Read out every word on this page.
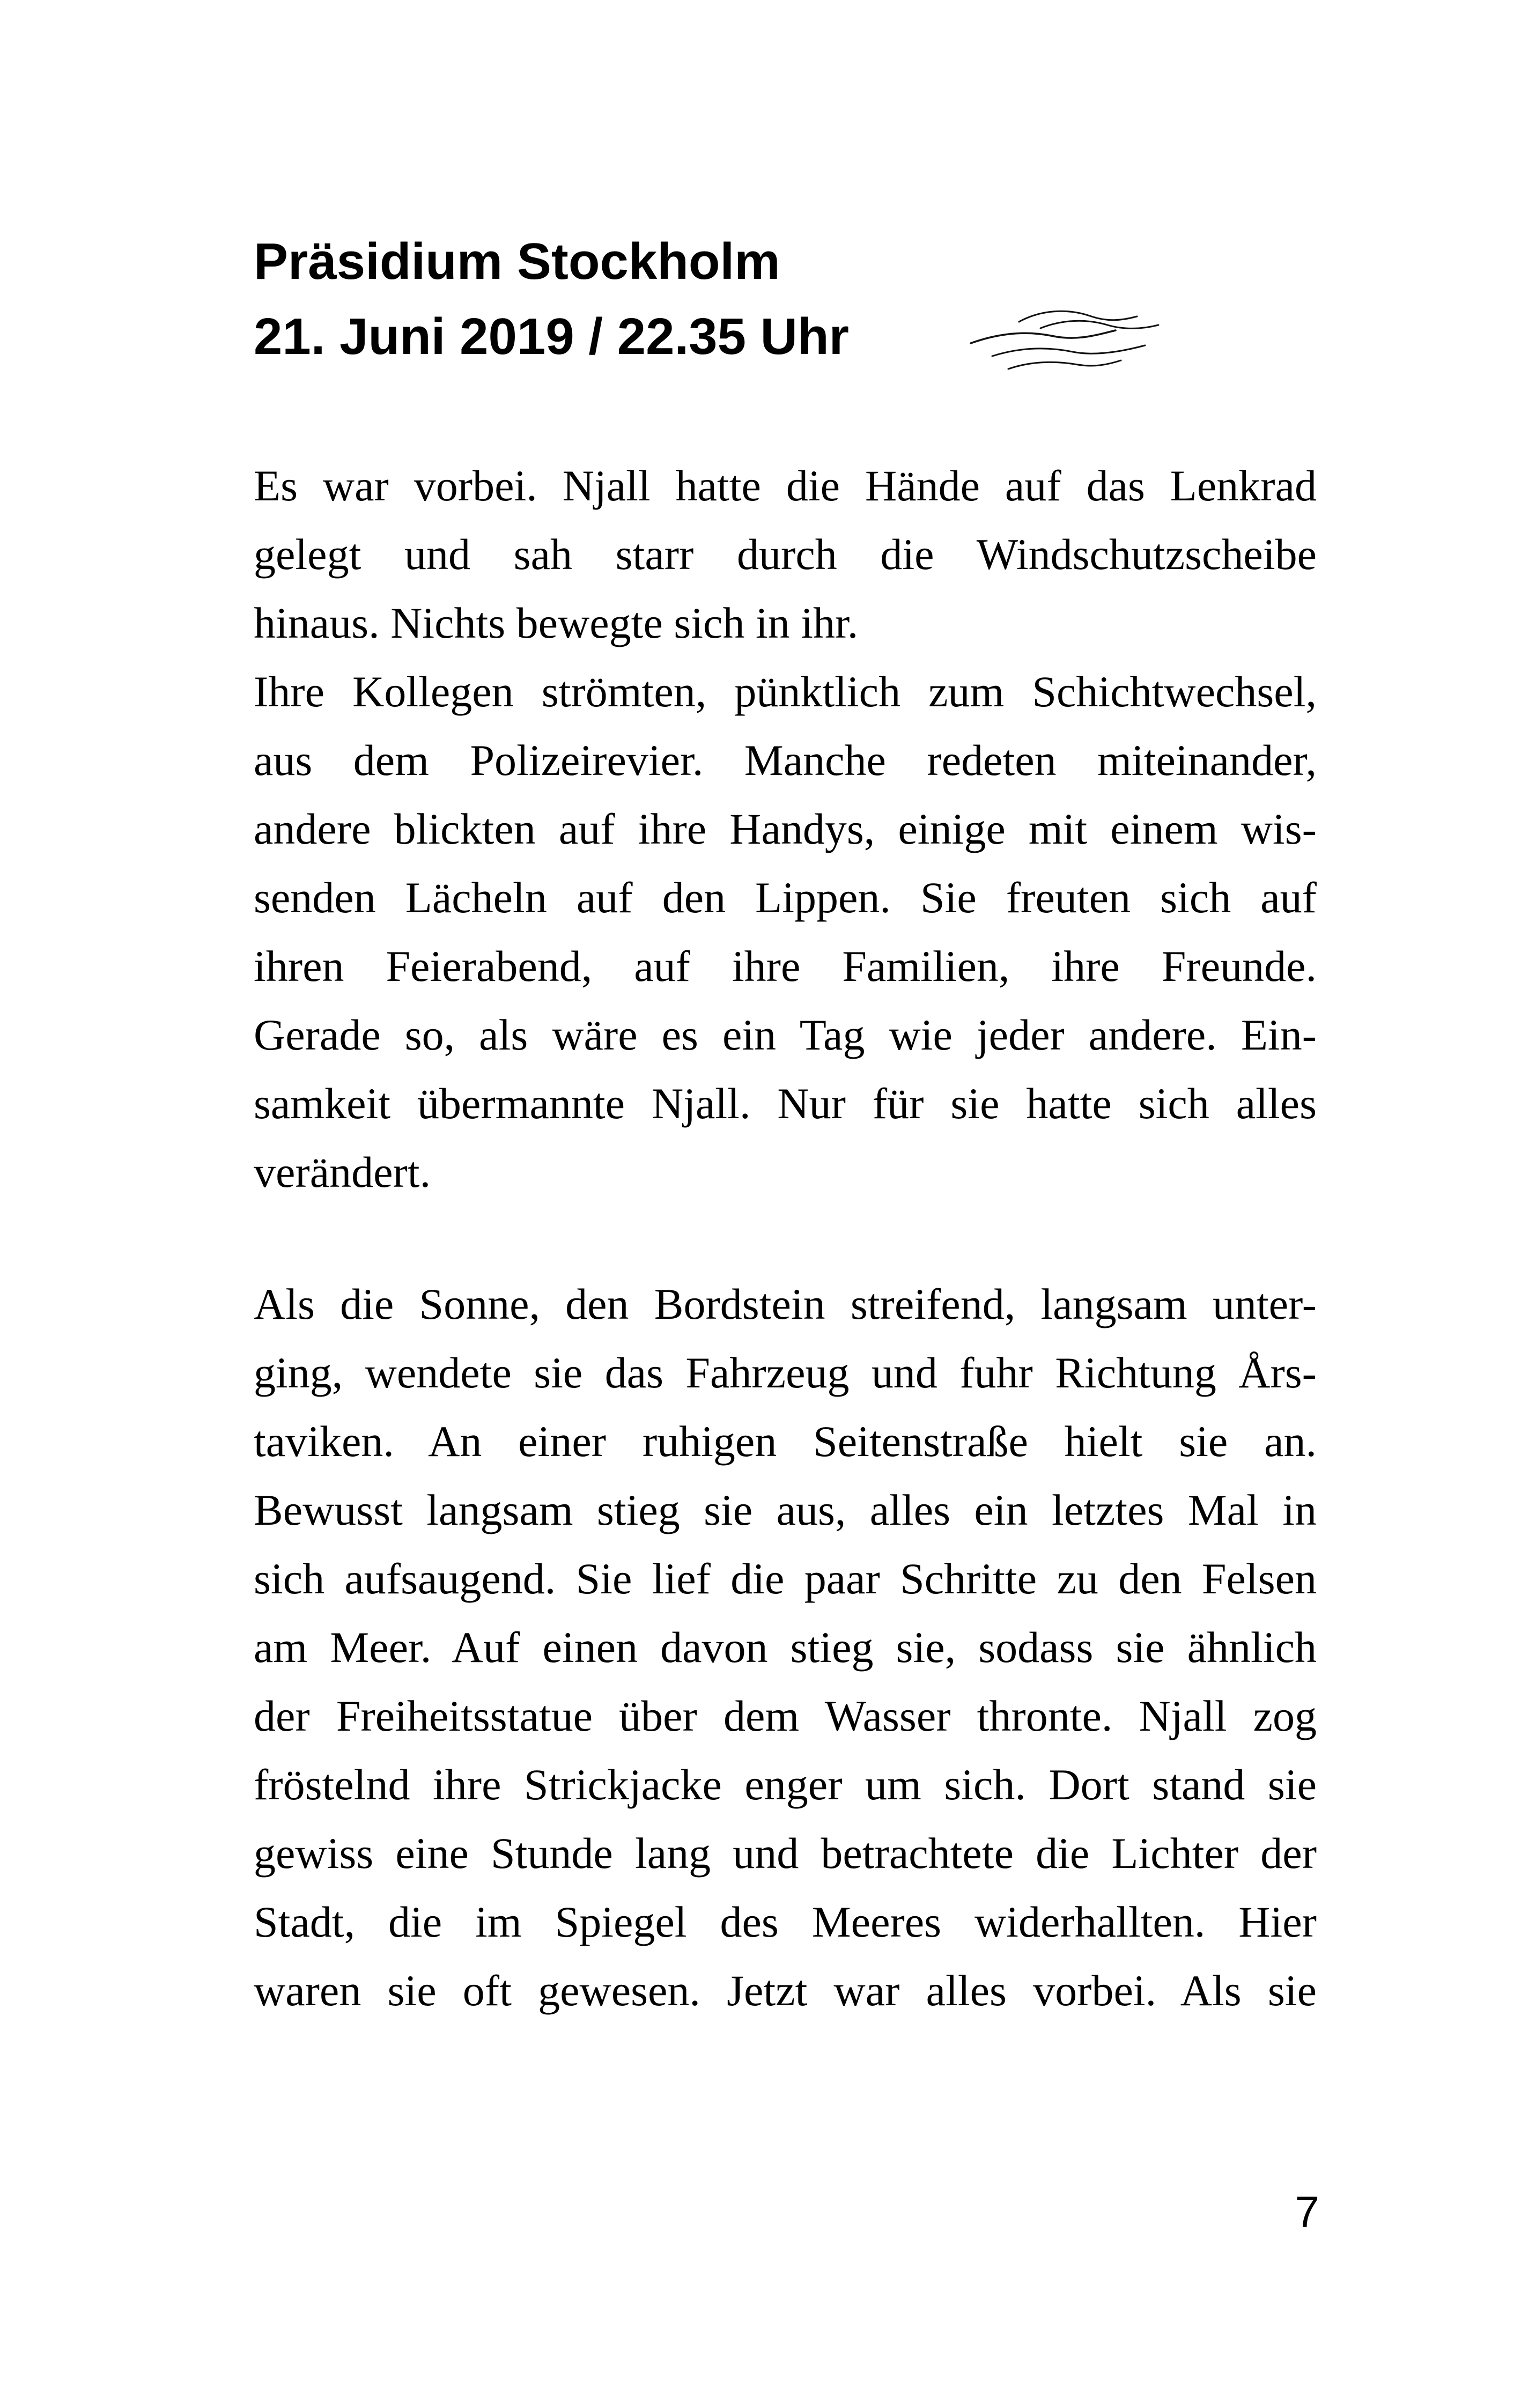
Präsidium Stockholm
21. Juni 2019 / 22.35 Uhr
Es war vorbei. Njall hatte die Hände auf das Lenkrad
gelegt und sah starr durch die Windschutzscheibe
hinaus. Nichts bewegte sich in ihr.
Ihre Kollegen strömten, pünktlich zum Schichtwechsel,
aus dem Polizeirevier. Manche redeten miteinander,
andere blickten auf ihre Handys, einige mit einem wis-
senden Lächeln auf den Lippen. Sie freuten sich auf
ihren Feierabend, auf ihre Familien, ihre Freunde.
Gerade so, als wäre es ein Tag wie jeder andere. Ein-
samkeit übermannte Njall. Nur für sie hatte sich alles
verändert.
Als die Sonne, den Bordstein streifend, langsam unter-
ging, wendete sie das Fahrzeug und fuhr Richtung Års-
taviken. An einer ruhigen Seitenstraße hielt sie an.
Bewusst langsam stieg sie aus, alles ein letztes Mal in
sich aufsaugend. Sie lief die paar Schritte zu den Felsen
am Meer. Auf einen davon stieg sie, sodass sie ähnlich
der Freiheitsstatue über dem Wasser thronte. Njall zog
fröstelnd ihre Strickjacke enger um sich. Dort stand sie
gewiss eine Stunde lang und betrachtete die Lichter der
Stadt, die im Spiegel des Meeres widerhallten. Hier
waren sie oft gewesen. Jetzt war alles vorbei. Als sie
7
